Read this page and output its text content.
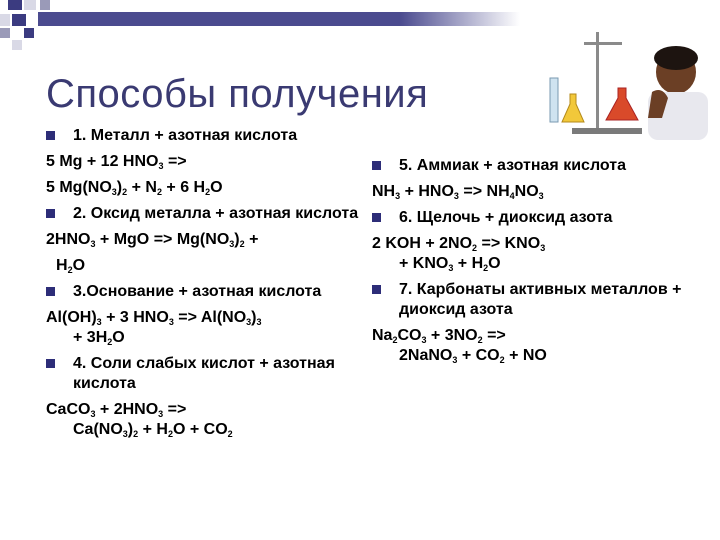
Способы получения
1. Металл + азотная кислота
5 Mg + 12 $HNO_3$ =>
5 $Mg(NO_3)_2 + N_2 + 6$ $H_2O$
2. Оксид металла + азотная кислота
$2HNO_3$ + MgO => $Mg(NO_3)_2$ +
$H_2O$
3.Основание + азотная кислота
$Al(OH)_3 + 3$ $HNO_3 => Al(NO_3)_3$
+ $3H_2O$
4. Соли слабых кислот + азотная кислота
CaCO$_3$ + $2HNO_3$ =>
$Ca(NO_3)_2 + H_2O + CO_2$
5. Аммиак + азотная кислота
$NH_3 + HNO_3 => NH_4NO_3$
6. Щелочь + диоксид азота
2 KOH + $2NO_2 => KNO_3$
+ $KNO_3 + H_2O$
7. Карбонаты активных металлов + диоксид азота
$Na_2CO_3 + 3NO_2$ =>
2NaNO$_3$ + $CO_2$ + NO
